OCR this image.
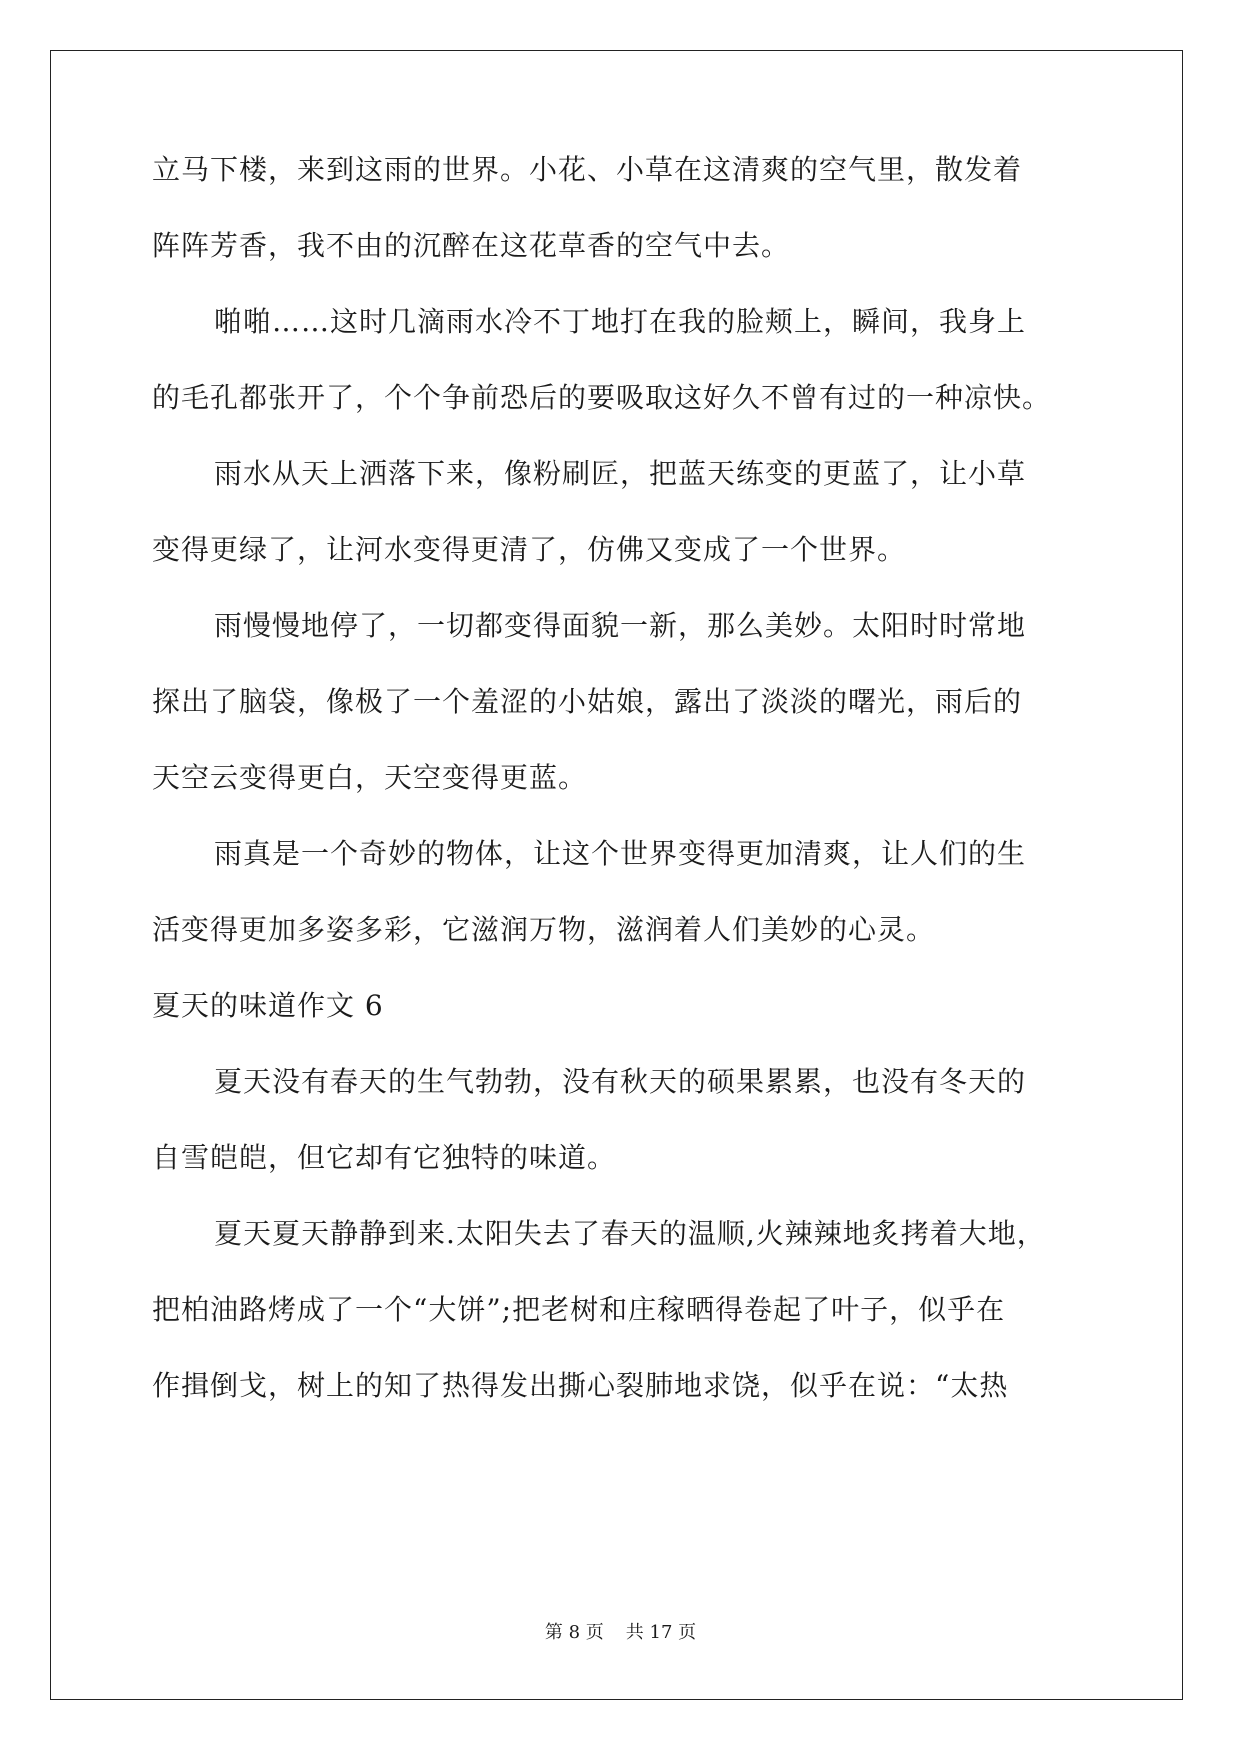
立马下楼，来到这雨的世界。小花、小草在这清爽的空气里，散发着
阵阵芳香，我不由的沉醉在这花草香的空气中去。
啪啪……这时几滴雨水冷不丁地打在我的脸颊上，瞬间，我身上
的毛孔都张开了，个个争前恐后的要吸取这好久不曾有过的一种凉快。
雨水从天上洒落下来，像粉刷匠，把蓝天练变的更蓝了，让小草
变得更绿了，让河水变得更清了，仿佛又变成了一个世界。
雨慢慢地停了，一切都变得面貌一新，那么美妙。太阳时时常地
探出了脑袋，像极了一个羞涩的小姑娘，露出了淡淡的曙光，雨后的
天空云变得更白，天空变得更蓝。
雨真是一个奇妙的物体，让这个世界变得更加清爽，让人们的生
活变得更加多姿多彩，它滋润万物，滋润着人们美妙的心灵。
夏天的味道作文 6
夏天没有春天的生气勃勃，没有秋天的硕果累累，也没有冬天的
自雪皑皑，但它却有它独特的味道。
夏天夏天静静到来.太阳失去了春天的温顺,火辣辣地炙拷着大地，
把柏油路烤成了一个“大饼”;把老树和庄稼晒得卷起了叶子，似乎在
作揖倒戈，树上的知了热得发出撕心裂肺地求饶，似乎在说：“太热
第 8 页 共 17 页
